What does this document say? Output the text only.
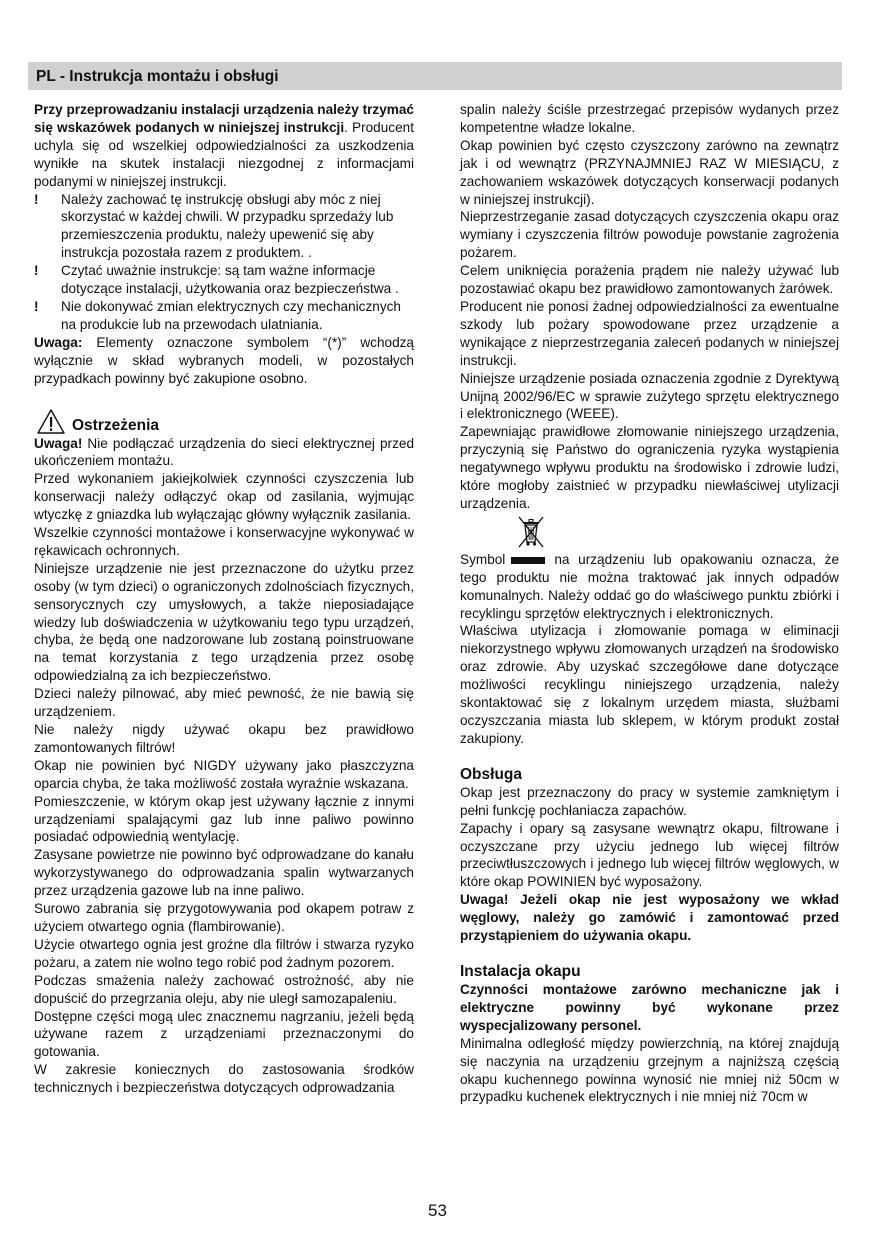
PL - Instrukcja montażu i obsługi

Przy przeprowadzaniu instalacji urządzenia należy trzymać się wskazówek podanych w niniejszej instrukcji. Producent uchyla się od wszelkiej odpowiedzialności za uszkodzenia wynikłe na skutek instalacji niezgodnej z informacjami podanymi w niniejszej instrukcji.

!	Należy zachować tę instrukcję obsługi aby móc z niej skorzystać w każdej chwili. W przypadku sprzedaży lub przemieszczenia produktu, należy upewenić się aby instrukcja pozostała razem z produktem. .
!	Czytać uważnie instrukcje: są tam ważne informacje dotyczące instalacji, użytkowania oraz bezpieczeństwa .
!	Nie dokonywać zmian elektrycznych czy mechanicznych na produkcie lub na przewodach ulatniania.

Uwaga: Elementy oznaczone symbolem “(*)” wchodzą wyłącznie w skład wybranych modeli, w pozostałych przypadkach powinny być zakupione osobno.

Ostrzeżenia

Uwaga! Nie podłączać urządzenia do sieci elektrycznej przed ukończeniem montażu.

Przed wykonaniem jakiejkolwiek czynności czyszczenia lub konserwacji należy odłączyć okap od zasilania, wyjmując wtyczkę z gniazdka lub wyłączając główny wyłącznik zasilania.

Wszelkie czynności montażowe i konserwacyjne wykonywać w rękawicach ochronnych.

Niniejsze urządzenie nie jest przeznaczone do użytku przez osoby (w tym dzieci) o ograniczonych zdolnościach fizycznych, sensorycznych czy umysłowych, a także nieposiadające wiedzy lub doświadczenia w użytkowaniu tego typu urządzeń, chyba, że będą one nadzorowane lub zostaną poinstruowane na temat korzystania z tego urządzenia przez osobę odpowiedzialną za ich bezpieczeństwo.

Dzieci należy pilnować, aby mieć pewność, że nie bawią się urządzeniem.

Nie należy nigdy używać okapu bez prawidłowo zamontowanych filtrów!

Okap nie powinien być NIGDY używany jako płaszczyzna oparcia chyba, że taka możliwość została wyraźnie wskazana.

Pomieszczenie, w którym okap jest używany łącznie z innymi urządzeniami spalającymi gaz lub inne paliwo powinno posiadać odpowiednią wentylację.

Zasysane powietrze nie powinno być odprowadzane do kanału wykorzystywanego do odprowadzania spalin wytwarzanych przez urządzenia gazowe lub na inne paliwo.

Surowo zabrania się przygotowywania pod okapem potraw z użyciem otwartego ognia (flambirowanie).

Użycie otwartego ognia jest groźne dla filtrów i stwarza ryzyko pożaru, a zatem nie wolno tego robić pod żadnym pozorem.

Podczas smażenia należy zachować ostrożność, aby nie dopuścić do przegrzania oleju, aby nie uległ samozapaleniu.

Dostępne części mogą ulec znacznemu nagrzaniu, jeżeli będą używane razem z urządzeniami przeznaczonymi do gotowania.

W zakresie koniecznych do zastosowania środków technicznych i bezpieczeństwa dotyczących odprowadzania

spalin należy ściśle przestrzegać przepisów wydanych przez kompetentne władze lokalne.

Okap powinien być często czyszczony zarówno na zewnątrz jak i od wewnątrz (PRZYNAJMNIEJ RAZ W MIESIĄCU, z zachowaniem wskazówek dotyczących konserwacji podanych w niniejszej instrukcji).

Nieprzestrzeganie zasad dotyczących czyszczenia okapu oraz wymiany i czyszczenia filtrów powoduje powstanie zagrożenia pożarem.

Celem uniknięcia porażenia prądem nie należy używać lub pozostawiać okapu bez prawidłowo zamontowanych żarówek.

Producent nie ponosi żadnej odpowiedzialności za ewentualne szkody lub pożary spowodowane przez urządzenie a wynikające z nieprzestrzegania zaleceń podanych w niniejszej instrukcji.

Niniejsze urządzenie posiada oznaczenia zgodnie z Dyrektywą Unijną 2002/96/EC w sprawie zużytego sprzętu elektrycznego i elektronicznego (WEEE).

Zapewniając prawidłowe złomowanie niniejszego urządzenia, przyczynią się Państwo do ograniczenia ryzyka wystąpienia negatywnego wpływu produktu na środowisko i zdrowie ludzi, które mogłoby zaistnieć w przypadku niewłaściwej utylizacji urządzenia.

Symbol	na urządzeniu lub opakowaniu oznacza, że tego produktu nie można traktować jak innych odpadów komunalnych. Należy oddać go do właściwego punktu zbiórki i recyklingu sprzętów elektrycznych i elektronicznych.

Właściwa utylizacja i złomowanie pomaga w eliminacji niekorzystnego wpływu złomowanych urządzeń na środowisko oraz zdrowie. Aby uzyskać szczegółowe dane dotyczące możliwości recyklingu niniejszego urządzenia, należy skontaktować się z lokalnym urzędem miasta, służbami oczyszczania miasta lub sklepem, w którym produkt został zakupiony.

Obsługa

Okap jest przeznaczony do pracy w systemie zamkniętym i pełni funkcję pochłaniacza zapachów.

Zapachy i opary są zasysane wewnątrz okapu, filtrowane i oczyszczane przy użyciu jednego lub więcej filtrów przeciwtłuszczowych i jednego lub więcej filtrów węglowych, w które okap POWINIEN być wyposażony.

Uwaga! Jeżeli okap nie jest wyposażony we wkład węglowy, należy go zamówić i zamontować przed przystąpieniem do używania okapu.

Instalacja okapu

Czynności montażowe zarówno mechaniczne jak i elektryczne powinny być wykonane przez wyspecjalizowany personel.

Minimalna odległość między powierzchnią, na której znajdują się naczynia na urządzeniu grzejnym a najniższą częścią okapu kuchennego powinna wynosić nie mniej niż 50cm w przypadku kuchenek elektrycznych i nie mniej niż 70cm w

53
